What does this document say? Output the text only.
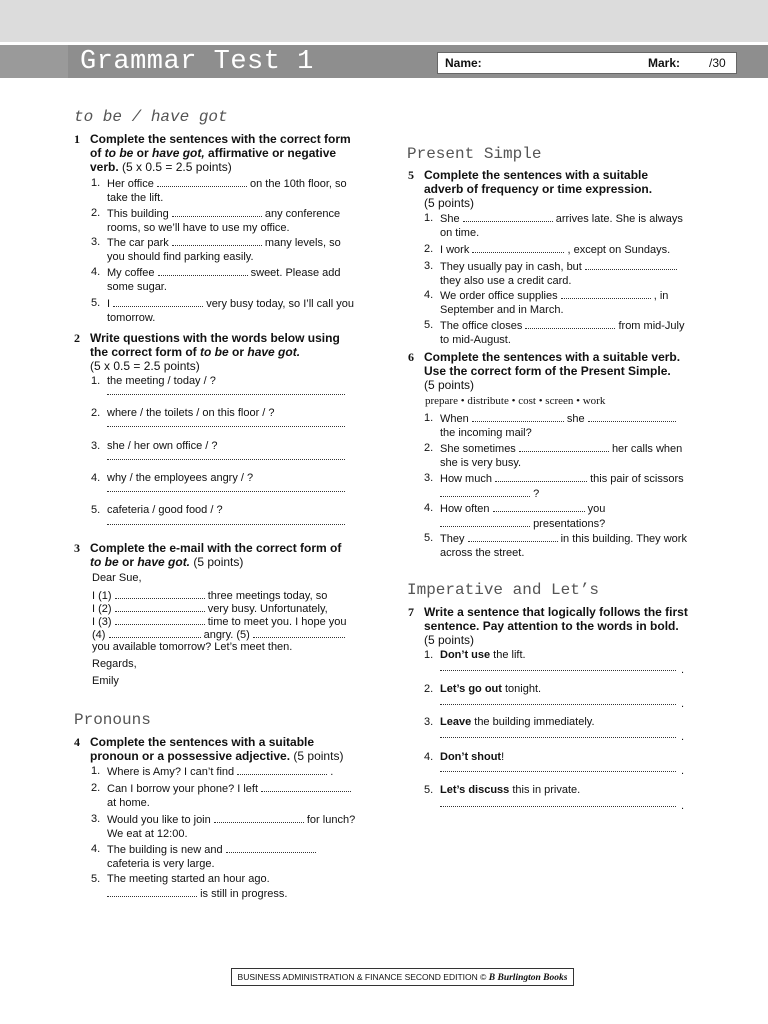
Grammar Test 1	Name:	Mark: /30
to be / have got
1 Complete the sentences with the correct form
of to be or have got, affirmative or negative
verb. (5 x 0.5 = 2.5 points)
1. Her office	on the 10th floor, so
take the lift.
2. This building	any conference
rooms, so we’ll have to use my office.
3. The car park	many levels, so
you should find parking easily.
4. My coffee	sweet. Please add
some sugar.
5. I	very busy today, so I’ll call you
tomorrow.
2 Write questions with the words below using
the correct form of to be or have got.
(5 x 0.5 = 2.5 points)
1. the meeting / today / ?
2. where / the toilets / on this floor / ?
3. she / her own office / ?
4. why / the employees angry / ?
5. cafeteria / good food / ?
3 Complete the e-mail with the correct form of
to be or have got. (5 points)
Dear Sue,
I (1)	three meetings today, so
I (2)	very busy. Unfortunately,
I (3)	time to meet you. I hope you
(4)	angry. (5)
you available tomorrow? Let’s meet then.
Regards,
Emily
Pronouns
4 Complete the sentences with a suitable
pronoun or a possessive adjective. (5 points)
1. Where is Amy? I can’t find	.
2. Can I borrow your phone? I left
at home.
3. Would you like to join	for lunch?
We eat at 12:00.
4. The building is new and
cafeteria is very large.
5. The meeting started an hour ago.
is still in progress.
Present Simple
5 Complete the sentences with a suitable
adverb of frequency or time expression.
(5 points)
1. She	arrives late. She is always
on time.
2. I work	, except on Sundays.
3. They usually pay in cash, but
they also use a credit card.
4. We order office supplies	, in
September and in March.
5. The office closes	from mid-July
to mid-August.
6 Complete the sentences with a suitable verb.
Use the correct form of the Present Simple.
(5 points)
prepare • distribute • cost • screen • work
1. When	she
the incoming mail?
2. She sometimes	her calls when
she is very busy.
3. How much	this pair of scissors
?
4. How often	you
presentations?
5. They	in this building. They work
across the street.
Imperative and Let’s
7 Write a sentence that logically follows the first
sentence. Pay attention to the words in bold.
(5 points)
1. Don’t use the lift.
.
2. Let’s go out tonight.
.
3. Leave the building immediately.
.
4. Don’t shout!
.
5. Let’s discuss this in private.
.
BUSINESS ADMINISTRATION & FINANCE SECOND EDITION © B Burlington Books
